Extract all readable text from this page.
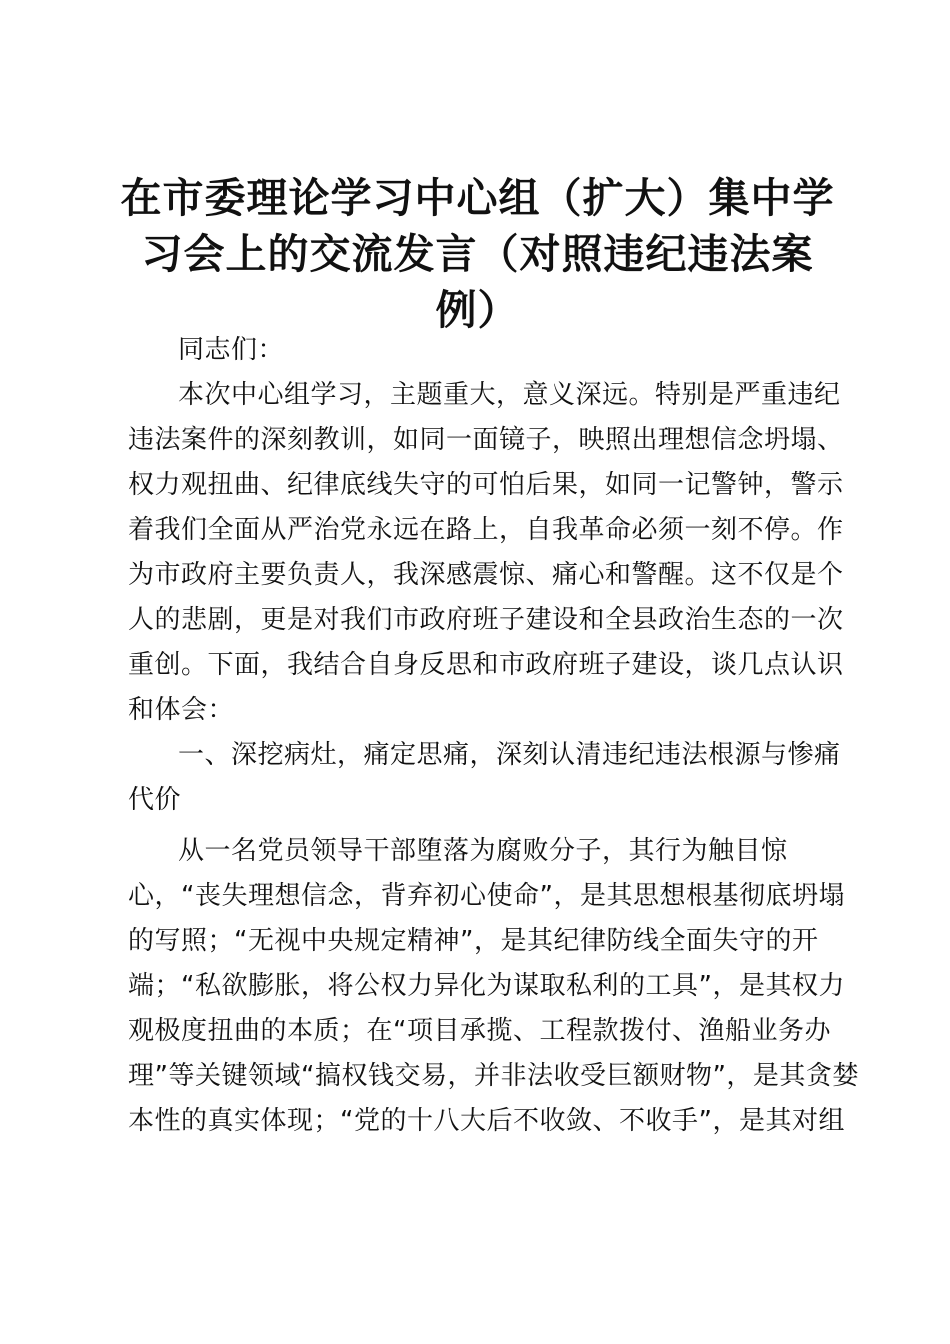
在市委理论学习中心组（扩大）集中学
习会上的交流发言（对照违纪违法案
例）
同志们：
本次中心组学习，主题重大，意义深远。特别是严重违纪
违法案件的深刻教训，如同一面镜子，映照出理想信念坍塌、
权力观扭曲、纪律底线失守的可怕后果，如同一记警钟，警示
着我们全面从严治党永远在路上，自我革命必须一刻不停。作
为市政府主要负责人，我深感震惊、痛心和警醒。这不仅是个
人的悲剧，更是对我们市政府班子建设和全县政治生态的一次
重创。下面，我结合自身反思和市政府班子建设，谈几点认识
和体会：
一、深挖病灶，痛定思痛，深刻认清违纪违法根源与惨痛
代价
从一名党员领导干部堕落为腐败分子，其行为触目惊
心，“丧失理想信念，背弃初心使命”，是其思想根基彻底坍塌
的写照；“无视中央规定精神”，是其纪律防线全面失守的开
端；“私欲膨胀，将公权力异化为谋取私利的工具”，是其权力
观极度扭曲的本质；在“项目承揽、工程款拨付、渔船业务办
理”等关键领域“搞权钱交易，并非法收受巨额财物”，是其贪婪
本性的真实体现；“党的十八大后不收敛、不收手”，是其对组
